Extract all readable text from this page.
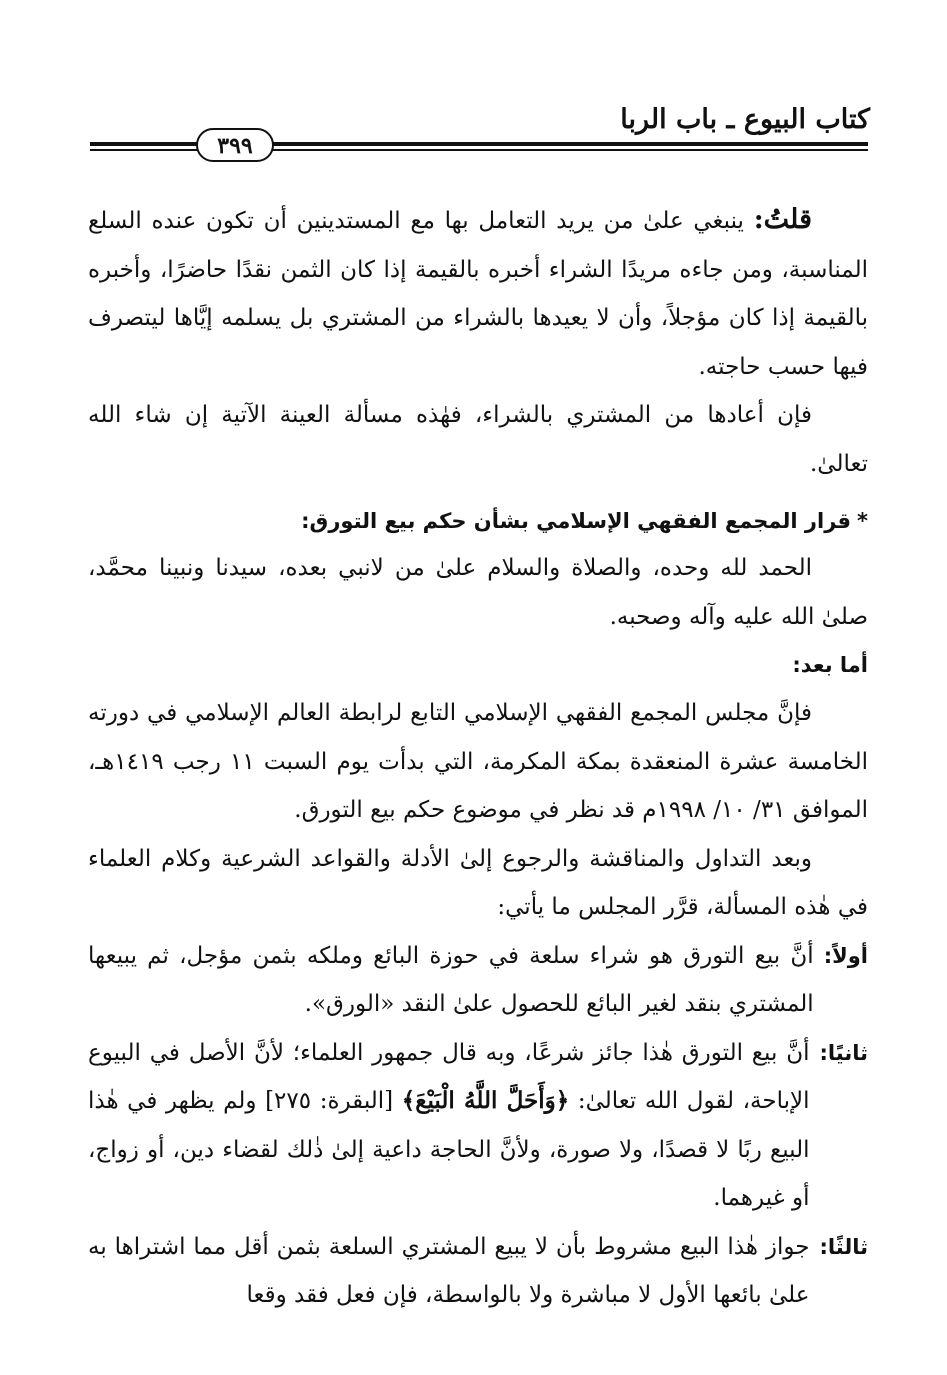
كتاب البيوع ـ باب الربا
٣٩٩

قلتُ: ينبغي علىٰ من يريد التعامل بها مع المستدينين أن تكون عنده السلع المناسبة، ومن جاءه مريدًا الشراء أخبره بالقيمة إذا كان الثمن نقدًا حاضرًا، وأخبره بالقيمة إذا كان مؤجلاً، وأن لا يعيدها بالشراء من المشتري بل يسلمه إيَّاها ليتصرف فيها حسب حاجته.

فإن أعادها من المشتري بالشراء، فهٰذه مسألة العينة الآتية إن شاء الله تعالىٰ.

*قرار المجمع الفقهي الإسلامي بشأن حكم بيع التورق:

الحمد لله وحده، والصلاة والسلام علىٰ من لانبي بعده، سيدنا ونبينا محمَّد، صلىٰ الله عليه وآله وصحبه.

أما بعد:

فإنَّ مجلس المجمع الفقهي الإسلامي التابع لرابطة العالم الإسلامي في دورته الخامسة عشرة المنعقدة بمكة المكرمة، التي بدأت يوم السبت ١١ رجب ١٤١٩هـ، الموافق ٣١/ ١٠/ ١٩٩٨م قد نظر في موضوع حكم بيع التورق.

وبعد التداول والمناقشة والرجوع إلىٰ الأدلة والقواعد الشرعية وكلام العلماء في هٰذه المسألة، قرَّر المجلس ما يأتي:

أولاً:
أنَّ بيع التورق هو شراء سلعة في حوزة البائع وملكه بثمن مؤجل، ثم يبيعها المشتري بنقد لغير البائع للحصول علىٰ النقد «الورق».
ثانيًا:
أنَّ بيع التورق هٰذا جائز شرعًا، وبه قال جمهور العلماء؛ لأنَّ الأصل في البيوع الإباحة، لقول الله تعالىٰ: ﴿وَأَحَلَّ اللَّهُ الْبَيْعَ﴾ [البقرة: ٢٧٥] ولم يظهر في هٰذا البيع ربًا لا قصدًا، ولا صورة، ولأنَّ الحاجة داعية إلىٰ ذٰلك لقضاء دين، أو زواج، أو غيرهما.
ثالثًا:
جواز هٰذا البيع مشروط بأن لا يبيع المشتري السلعة بثمن أقل مما اشتراها به علىٰ بائعها الأول لا مباشرة ولا بالواسطة، فإن فعل فقد وقعا
